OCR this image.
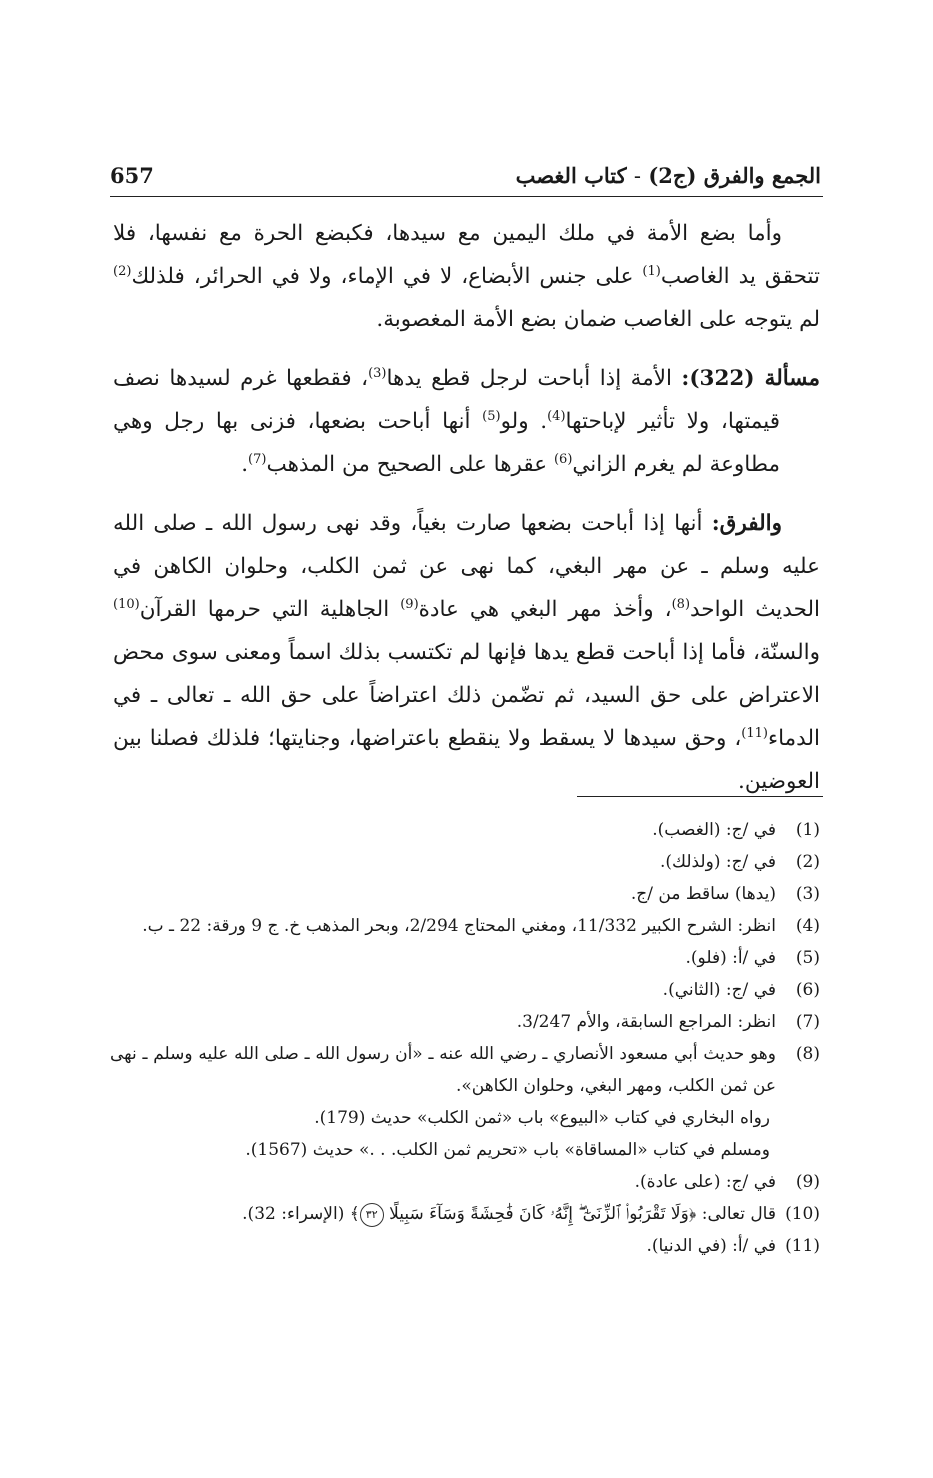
الجمع والفرق (ج2) - كتاب الغصب
657

وأما بضع الأمة في ملك اليمين مع سيدها، فكبضع الحرة مع نفسها، فلا تتحقق يد الغاصب$^{(1)}$ على جنس الأبضاع، لا في الإماء، ولا في الحرائر، فلذلك$^{(2)}$ لم يتوجه على الغاصب ضمان بضع الأمة المغصوبة.

مسألة (322): الأمة إذا أباحت لرجل قطع يدها$^{(3)}$، فقطعها غرم لسيدها نصف قيمتها، ولا تأثير لإباحتها$^{(4)}$. ولو$^{(5)}$ أنها أباحت بضعها، فزنى بها رجل وهي مطاوعة لم يغرم الزاني$^{(6)}$ عقرها على الصحيح من المذهب$^{(7)}$.

والفرق: أنها إذا أباحت بضعها صارت بغياً، وقد نهى رسول الله ـ صلى الله عليه وسلم ـ عن مهر البغي، كما نهى عن ثمن الكلب، وحلوان الكاهن في الحديث الواحد$^{(8)}$، وأخذ مهر البغي هي عادة$^{(9)}$ الجاهلية التي حرمها القرآن$^{(10)}$ والسنّة، فأما إذا أباحت قطع يدها فإنها لم تكتسب بذلك اسماً ومعنى سوى محض الاعتراض على حق السيد، ثم تضّمن ذلك اعتراضاً على حق الله ـ تعالى ـ في الدماء$^{(11)}$، وحق سيدها لا يسقط ولا ينقطع باعتراضها، وجنايتها؛ فلذلك فصلنا بين العوضين.

(1)
في /ج: (الغصب).
(2)
في /ج: (ولذلك).
(3)
(يدها) ساقط من /ج.
(4)
انظر: الشرح الكبير 11/332، ومغني المحتاج 2/294، وبحر المذهب خ. ج 9 ورقة: 22 ـ ب.
(5)
في /أ: (فلو).
(6)
في /ج: (الثاني).
(7)
انظر: المراجع السابقة، والأم 3/247.
(8)
وهو حديث أبي مسعود الأنصاري ـ رضي الله عنه ـ «أن رسول الله ـ صلى الله عليه وسلم ـ نهى عن ثمن الكلب، ومهر البغي، وحلوان الكاهن».
رواه البخاري في كتاب «البيوع» باب «ثمن الكلب» حديث (179).
ومسلم في كتاب «المساقاة» باب «تحريم ثمن الكلب. . .» حديث (1567).
(9)
في /ج: (على عادة).
(10)
قال تعالى: ﴿وَلَا تَقْرَبُوا۟ ٱلزِّنَىٰٓ ۖ إِنَّهُۥ كَانَ فَٰحِشَةً وَسَآءَ سَبِيلًا ٣٢﴾ (الإسراء: 32).
(11)
في /أ: (في الدنيا).
